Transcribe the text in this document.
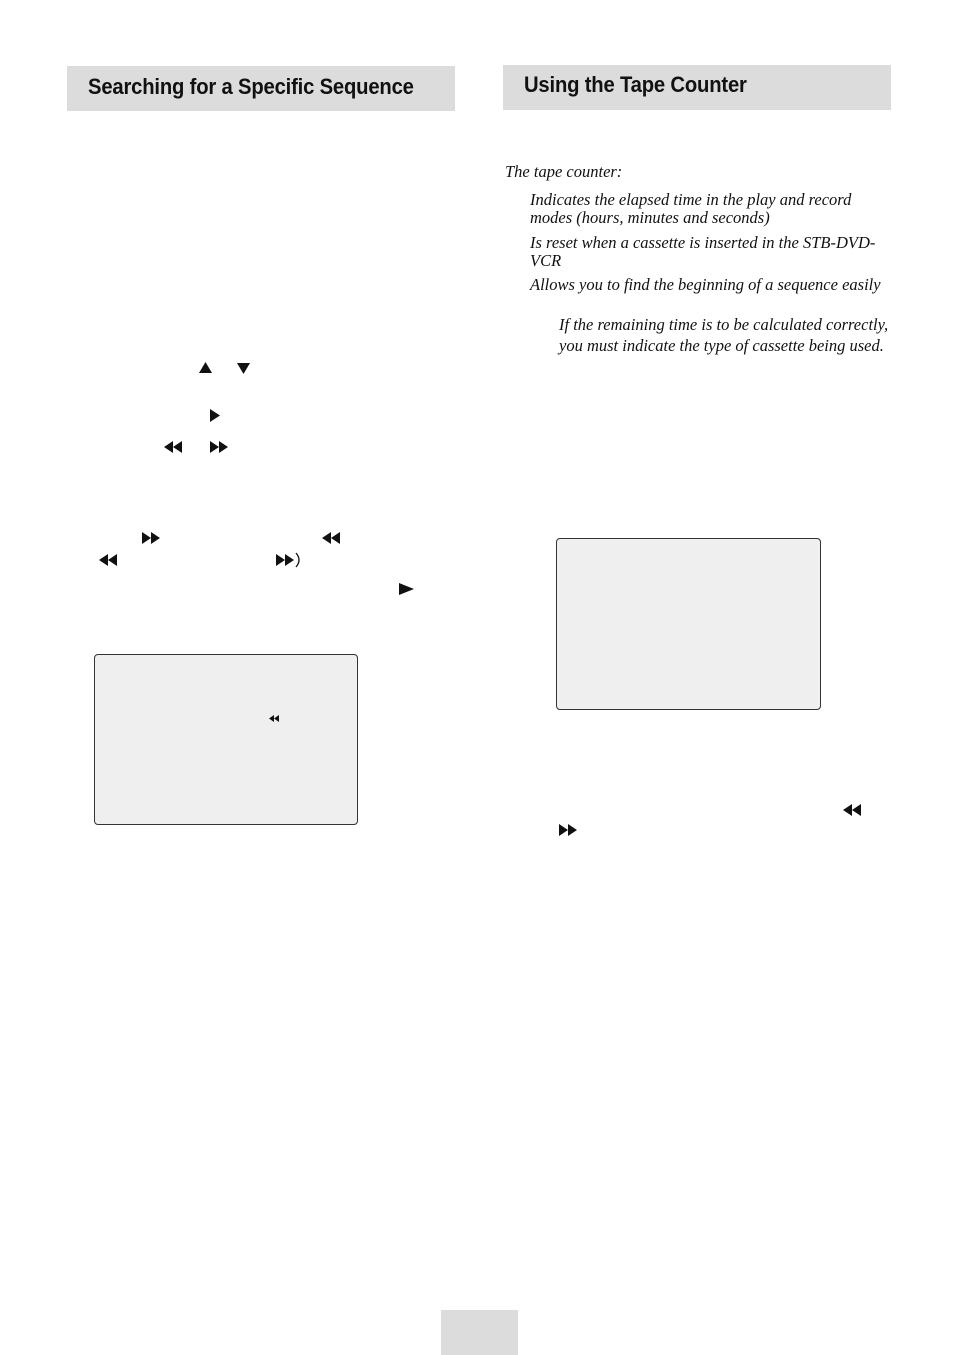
Searching for a Specific Sequence	Using the Tape Counter
The tape counter:
Indicates the elapsed time in the play and record modes (hours, minutes and seconds)
Is reset when a cassette is inserted in the STB-DVD-VCR
Allows you to find the beginning of a sequence easily
If the remaining time is to be calculated correctly, you must indicate the type of cassette being used.
